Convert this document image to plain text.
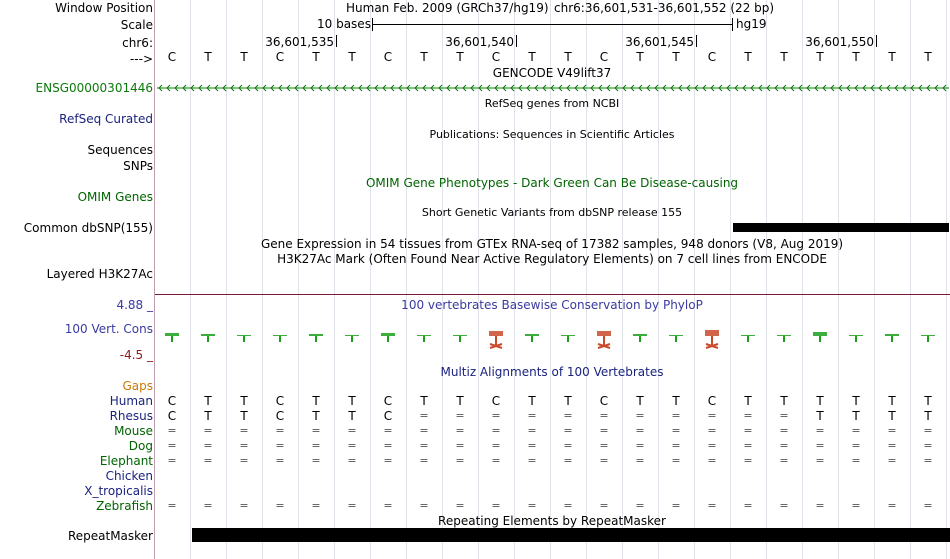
Window Position	Human Feb. 2009 (GRCh37/hg19) chr6:36,601,531-36,601,552 (22 bp)
Scale	10 bases	hg19
chr6:	36,601,535	36,601,540	36,601,545	36,601,550
--->	C	T	T	C	T	T	C	T	T	C	T	T	C	T	T	C	T	T	T	T	T	T
GENCODE V49lift37
ENSG00000301446
RefSeq genes from NCBI
RefSeq Curated
Publications: Sequences in Scientific Articles
Sequences
SNPs
OMIM Gene Phenotypes - Dark Green Can Be Disease-causing
OMIM Genes
Short Genetic Variants from dbSNP release 155
Common dbSNP(155)
Gene Expression in 54 tissues from GTEx RNA-seq of 17382 samples, 948 donors (V8, Aug 2019)
H3K27Ac Mark (Often Found Near Active Regulatory Elements) on 7 cell lines from ENCODE
Layered H3K27Ac
100 vertebrates Basewise Conservation by PhyloP
4.88 _
100 Vert. Cons
-4.5 _
Multiz Alignments of 100 Vertebrates
Gaps
Human	C	T	T	C	T	T	C	T	T	C	T	T	C	T	T	C	T	T	T	T	T	T
Rhesus	C	T	T	C	T	T	C	=	=	=	=	=	=	=	=	=	=	=	T	T	T	T
Mouse	=	=	=	=	=	=	=	=	=	=	=	=	=	=	=	=	=	=	=	=	=	=
Dog	=	=	=	=	=	=	=	=	=	=	=	=	=	=	=	=	=	=	=	=	=	=
Elephant	=	=	=	=	=	=	=	=	=	=	=	=	=	=	=	=	=	=	=	=	=	=
Chicken
X_tropicalis
Zebrafish	=	=	=	=	=	=	=	=	=	=	=	=	=	=	=	=	=	=	=	=	=	=
Repeating Elements by RepeatMasker
RepeatMasker
